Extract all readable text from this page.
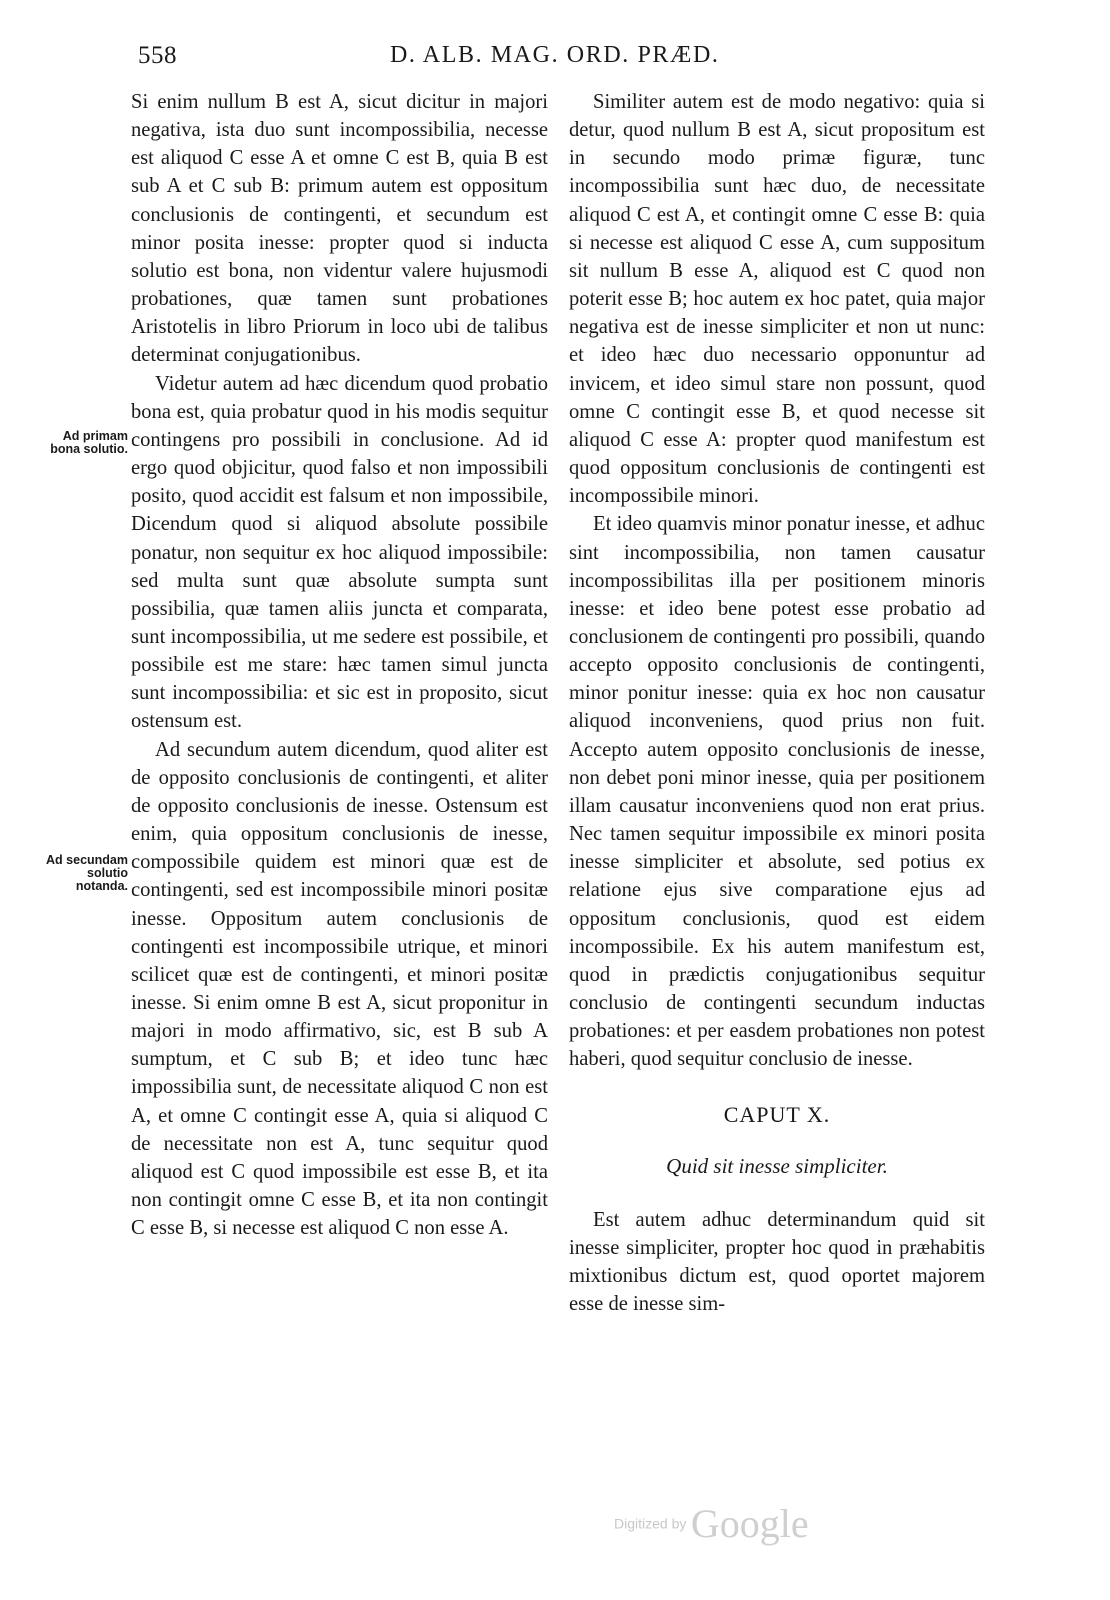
558	D. ALB. MAG. ORD. PRÆD.
Ad primam bona solutio.
Ad secundam solutio notanda.

Si enim nullum B est A, sicut dicitur in majori negativa, ista duo sunt incompossibilia, necesse est aliquod C esse A et omne C est B, quia B est sub A et C sub B: primum autem est oppositum conclusionis de contingenti, et secundum est minor posita inesse: propter quod si inducta solutio est bona, non videntur valere hujusmodi probationes, quæ tamen sunt probationes Aristotelis in libro Priorum in loco ubi de talibus determinat conjugationibus.

Videtur autem ad hæc dicendum quod probatio bona est, quia probatur quod in his modis sequitur contingens pro possibili in conclusione. Ad id ergo quod objicitur, quod falso et non impossibili posito, quod accidit est falsum et non impossibile, Dicendum quod si aliquod absolute possibile ponatur, non sequitur ex hoc aliquod impossibile: sed multa sunt quæ absolute sumpta sunt possibilia, quæ tamen aliis juncta et comparata, sunt incompossibilia, ut me sedere est possibile, et possibile est me stare: hæc tamen simul juncta sunt incompossibilia: et sic est in proposito, sicut ostensum est.

Ad secundum autem dicendum, quod aliter est de opposito conclusionis de contingenti, et aliter de opposito conclusionis de inesse. Ostensum est enim, quia oppositum conclusionis de inesse, compossibile quidem est minori quæ est de contingenti, sed est incompossibile minori positæ inesse. Oppositum autem conclusionis de contingenti est incompossibile utrique, et minori scilicet quæ est de contingenti, et minori positæ inesse. Si enim omne B est A, sicut proponitur in majori in modo affirmativo, sic, est B sub A sumptum, et C sub B; et ideo tunc hæc impossibilia sunt, de necessitate aliquod C non est A, et omne C contingit esse A, quia si aliquod C de necessitate non est A, tunc sequitur quod aliquod est C quod impossibile est esse B, et ita non contingit omne C esse B, et ita non contingit C esse B, si necesse est aliquod C non esse A.

Similiter autem est de modo negativo: quia si detur, quod nullum B est A, sicut propositum est in secundo modo primæ figuræ, tunc incompossibilia sunt hæc duo, de necessitate aliquod C est A, et contingit omne C esse B: quia si necesse est aliquod C esse A, cum suppositum sit nullum B esse A, aliquod est C quod non poterit esse B; hoc autem ex hoc patet, quia major negativa est de inesse simpliciter et non ut nunc: et ideo hæc duo necessario opponuntur ad invicem, et ideo simul stare non possunt, quod omne C contingit esse B, et quod necesse sit aliquod C esse A: propter quod manifestum est quod oppositum conclusionis de contingenti est incompossibile minori.

Et ideo quamvis minor ponatur inesse, et adhuc sint incompossibilia, non tamen causatur incompossibilitas illa per positionem minoris inesse: et ideo bene potest esse probatio ad conclusionem de contingenti pro possibili, quando accepto opposito conclusionis de contingenti, minor ponitur inesse: quia ex hoc non causatur aliquod inconveniens, quod prius non fuit. Accepto autem opposito conclusionis de inesse, non debet poni minor inesse, quia per positionem illam causatur inconveniens quod non erat prius. Nec tamen sequitur impossibile ex minori posita inesse simpliciter et absolute, sed potius ex relatione ejus sive comparatione ejus ad oppositum conclusionis, quod est eidem incompossibile. Ex his autem manifestum est, quod in prædictis conjugationibus sequitur conclusio de contingenti secundum inductas probationes: et per easdem probationes non potest haberi, quod sequitur conclusio de inesse.

CAPUT X.
Quid sit inesse simpliciter.

Est autem adhuc determinandum quid sit inesse simpliciter, propter hoc quod in præhabitis mixtionibus dictum est, quod oportet majorem esse de inesse sim-

Digitized by Google
